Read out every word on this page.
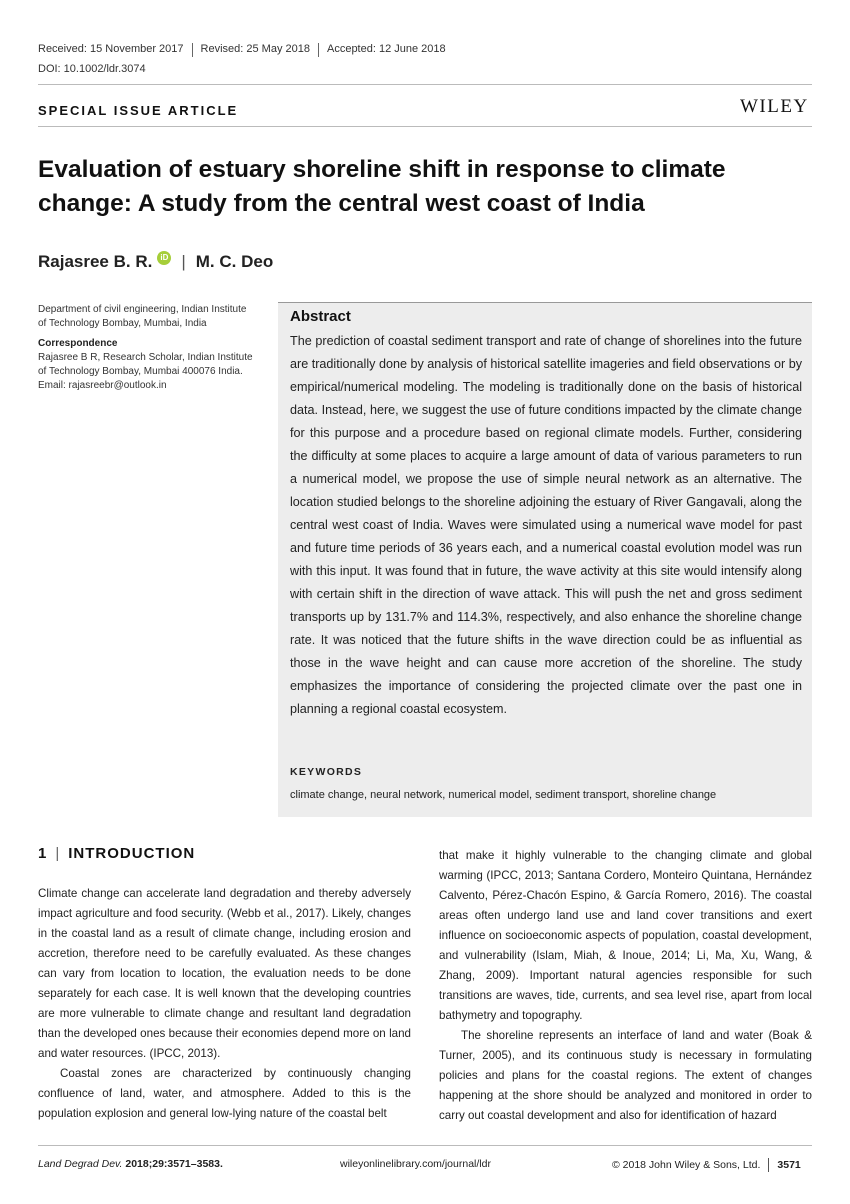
Received: 15 November 2017 Revised: 25 May 2018 Accepted: 12 June 2018
DOI: 10.1002/ldr.3074
SPECIAL ISSUE ARTICLE	WILEY
Evaluation of estuary shoreline shift in response to climate change: A study from the central west coast of India
Rajasree B. R.	iD | M. C. Deo
Department of civil engineering, Indian Institute of Technology Bombay, Mumbai, India
Correspondence
Rajasree B R, Research Scholar, Indian Institute of Technology Bombay, Mumbai 400076 India.
Email: rajasreebr@outlook.in
Abstract
The prediction of coastal sediment transport and rate of change of shorelines into the future are traditionally done by analysis of historical satellite imageries and field observations or by empirical/numerical modeling. The modeling is traditionally done on the basis of historical data. Instead, here, we suggest the use of future conditions impacted by the climate change for this purpose and a procedure based on regional climate models. Further, considering the difficulty at some places to acquire a large amount of data of various parameters to run a numerical model, we propose the use of simple neural network as an alternative. The location studied belongs to the shoreline adjoining the estuary of River Gangavali, along the central west coast of India. Waves were simulated using a numerical wave model for past and future time periods of 36 years each, and a numerical coastal evolution model was run with this input. It was found that in future, the wave activity at this site would intensify along with certain shift in the direction of wave attack. This will push the net and gross sediment transports up by 131.7% and 114.3%, respectively, and also enhance the shoreline change rate. It was noticed that the future shifts in the wave direction could be as influential as those in the wave height and can cause more accretion of the shoreline. The study emphasizes the importance of considering the projected climate over the past one in planning a regional coastal ecosystem.
KEYWORDS
climate change, neural network, numerical model, sediment transport, shoreline change
1 | INTRODUCTION

Climate change can accelerate land degradation and thereby adversely impact agriculture and food security. (Webb et al., 2017). Likely, changes in the coastal land as a result of climate change, including erosion and accretion, therefore need to be carefully evaluated. As these changes can vary from location to location, the evaluation needs to be done separately for each case. It is well known that the developing countries are more vulnerable to climate change and resultant land degradation than the developed ones because their economies depend more on land and water resources. (IPCC, 2013).

Coastal zones are characterized by continuously changing confluence of land, water, and atmosphere. Added to this is the population explosion and general low-lying nature of the coastal belt

that make it highly vulnerable to the changing climate and global warming (IPCC, 2013; Santana Cordero, Monteiro Quintana, Hernández Calvento, Pérez-Chacón Espino, & García Romero, 2016). The coastal areas often undergo land use and land cover transitions and exert influence on socioeconomic aspects of population, coastal development, and vulnerability (Islam, Miah, & Inoue, 2014; Li, Ma, Xu, Wang, & Zhang, 2009). Important natural agencies responsible for such transitions are waves, tide, currents, and sea level rise, apart from local bathymetry and topography.

The shoreline represents an interface of land and water (Boak & Turner, 2005), and its continuous study is necessary in formulating policies and plans for the coastal regions. The extent of changes happening at the shore should be analyzed and monitored in order to carry out coastal development and also for identification of hazard

Land Degrad Dev. 2018;29:3571–3583.	wileyonlinelibrary.com/journal/ldr	© 2018 John Wiley & Sons, Ltd. 3571
